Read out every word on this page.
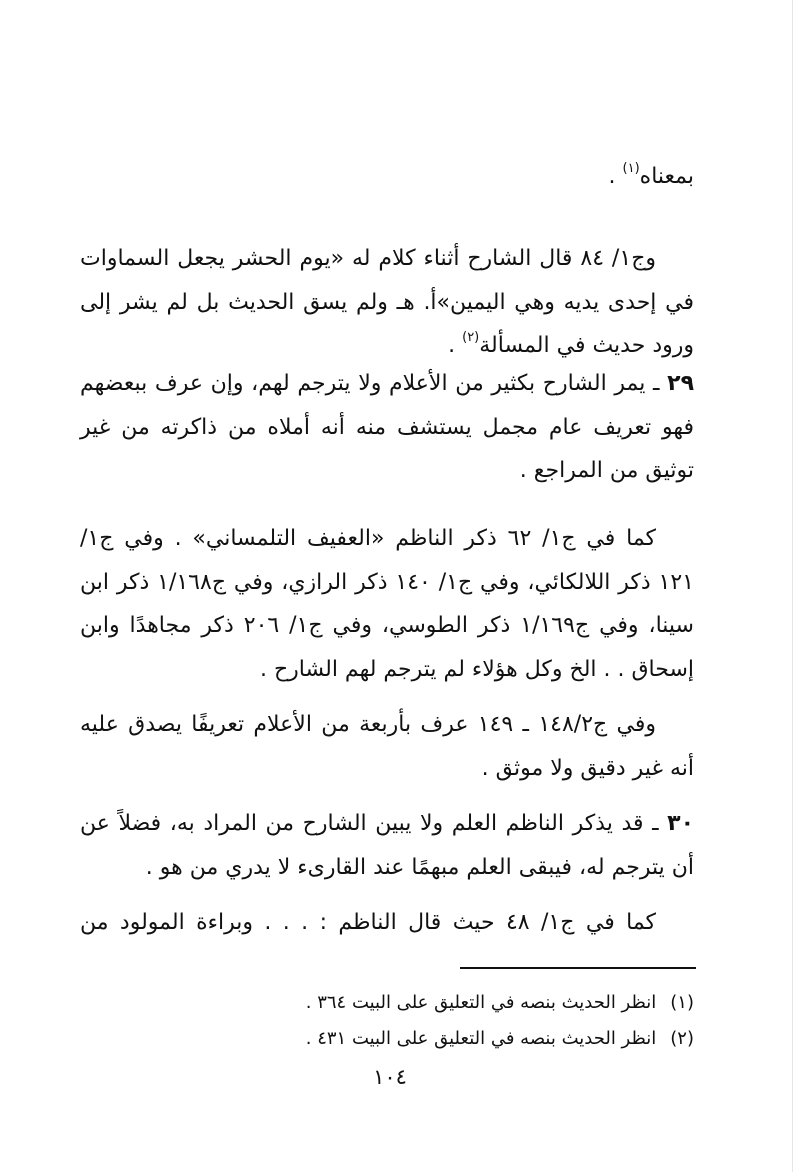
بمعناه$^{(١)}$ .

وج١/ ٨٤ قال الشارح أثناء كلام له «يوم الحشر يجعل السماوات في إحدى يديه وهي اليمين»أ. هـ ولم يسق الحديث بل لم يشر إلى ورود حديث في المسألة$^{(٢)}$ .

٢٩ ـ يمر الشارح بكثير من الأعلام ولا يترجم لهم، وإن عرف ببعضهم فهو تعريف عام مجمل يستشف منه أنه أملاه من ذاكرته من غير توثيق من المراجع .

كما في ج١/ ٦٢ ذكر الناظم «العفيف التلمساني» . وفي ج١/ ١٢١ ذكر اللالكائي، وفي ج١/ ١٤٠ ذكر الرازي، وفي ج١/١٦٨ ذكر ابن سينا، وفي ج١/١٦٩ ذكر الطوسي، وفي ج١/ ٢٠٦ ذكر مجاهدًا وابن إسحاق . . الخ وكل هؤلاء لم يترجم لهم الشارح .

وفي ج١٤٨/٢ ـ ١٤٩ عرف بأربعة من الأعلام تعريفًا يصدق عليه أنه غير دقيق ولا موثق .

٣٠ ـ قد يذكر الناظم العلم ولا يبين الشارح من المراد به، فضلاً عن أن يترجم له، فيبقى العلم مبهمًا عند القارىء لا يدري من هو .

كما في ج١/ ٤٨ حيث قال الناظم : . . . وبراءة المولود من

(١)انظر الحديث بنصه في التعليق على البيت ٣٦٤ .
(٢)انظر الحديث بنصه في التعليق على البيت ٤٣١ .
١٠٤
